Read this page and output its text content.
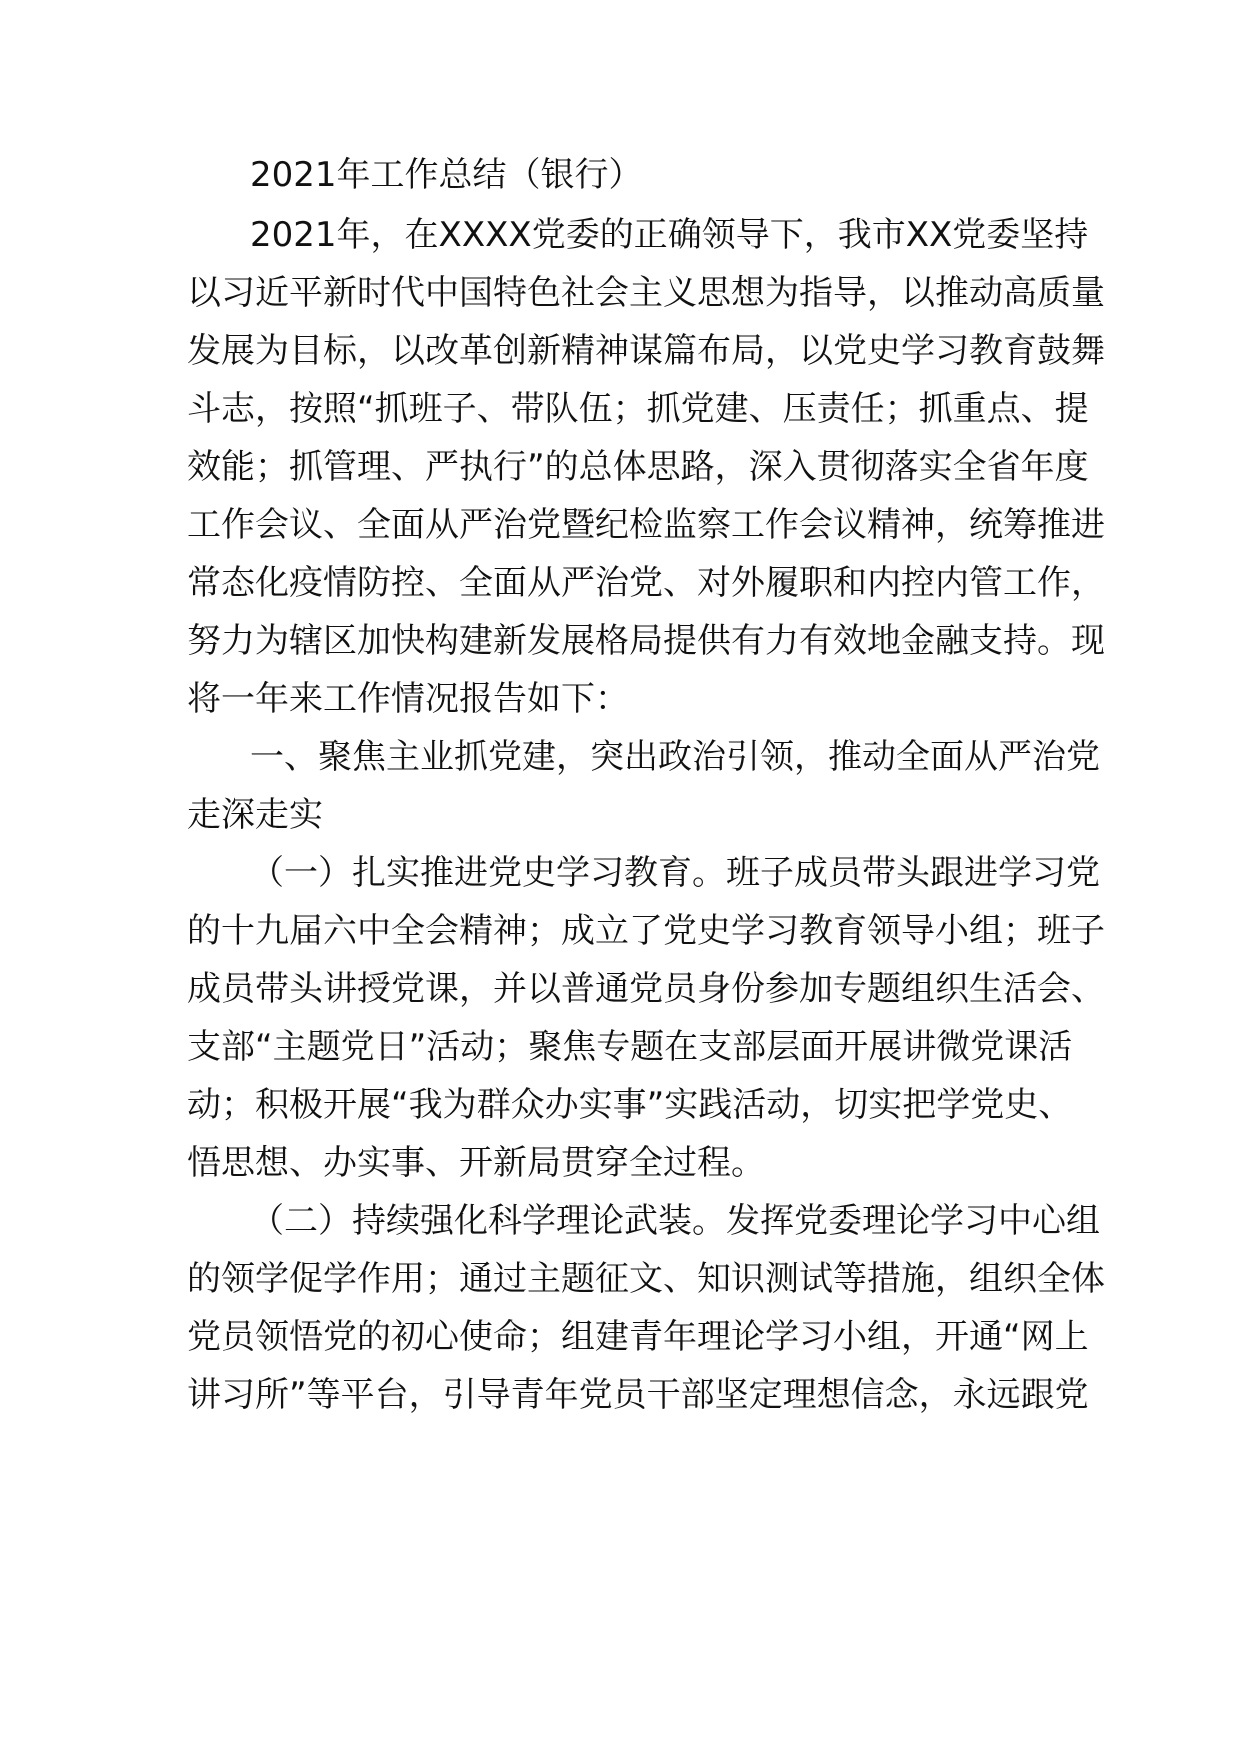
2021年工作总结（银行）
2021年，在XXXX党委的正确领导下，我市XX党委坚持
以习近平新时代中国特色社会主义思想为指导，以推动高质量
发展为目标，以改革创新精神谋篇布局，以党史学习教育鼓舞
斗志，按照“抓班子、带队伍；抓党建、压责任；抓重点、提
效能；抓管理、严执行”的总体思路，深入贯彻落实全省年度
工作会议、全面从严治党暨纪检监察工作会议精神，统筹推进
常态化疫情防控、全面从严治党、对外履职和内控内管工作，
努力为辖区加快构建新发展格局提供有力有效地金融支持。现
将一年来工作情况报告如下：
一、聚焦主业抓党建，突出政治引领，推动全面从严治党
走深走实
（一）扎实推进党史学习教育。班子成员带头跟进学习党
的十九届六中全会精神；成立了党史学习教育领导小组；班子
成员带头讲授党课，并以普通党员身份参加专题组织生活会、
支部“主题党日”活动；聚焦专题在支部层面开展讲微党课活
动；积极开展“我为群众办实事”实践活动，切实把学党史、
悟思想、办实事、开新局贯穿全过程。
（二）持续强化科学理论武装。发挥党委理论学习中心组
的领学促学作用；通过主题征文、知识测试等措施，组织全体
党员领悟党的初心使命；组建青年理论学习小组，开通“网上
讲习所”等平台，引导青年党员干部坚定理想信念，永远跟党
